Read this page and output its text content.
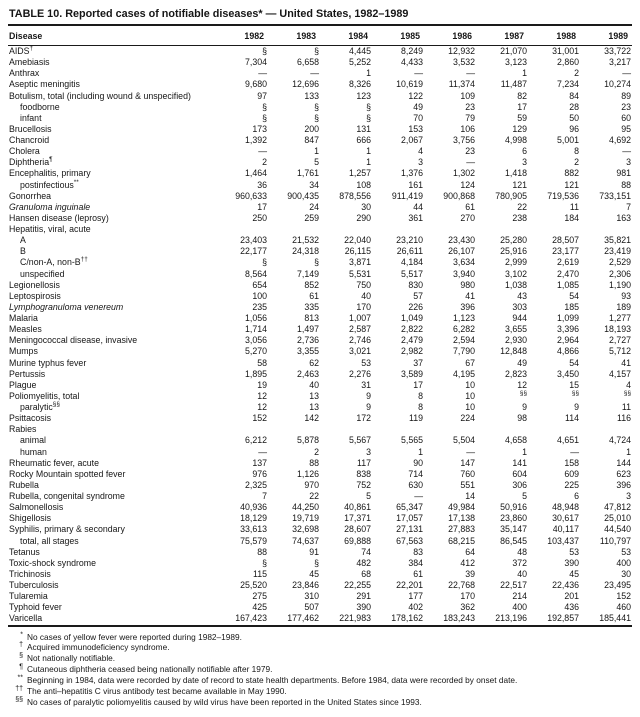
TABLE 10. Reported cases of notifiable diseases* — United States, 1982–1989
Disease	1982	1983	1984	1985	1986	1987	1988	1989
AIDS†	§	§	4,445	8,249	12,932	21,070	31,001	33,722
Amebiasis	7,304	6,658	5,252	4,433	3,532	3,123	2,860	3,217
Anthrax	—	—	1	—	—	1	2	—
Aseptic meningitis	9,680	12,696	8,326	10,619	11,374	11,487	7,234	10,274
Botulism, total (including wound & unspecified)	97	133	123	122	109	82	84	89
foodborne	§	§	§	49	23	17	28	23
infant	§	§	§	70	79	59	50	60
Brucellosis	173	200	131	153	106	129	96	95
Chancroid	1,392	847	666	2,067	3,756	4,998	5,001	4,692
Cholera	—	1	1	4	23	6	8	—
Diphtheria¶	2	5	1	3	—	3	2	3
Encephalitis, primary	1,464	1,761	1,257	1,376	1,302	1,418	882	981
postinfectious**	36	34	108	161	124	121	121	88
Gonorrhea	960,633	900,435	878,556	911,419	900,868	780,905	719,536	733,151
Granuloma inguinale	17	24	30	44	61	22	11	7
Hansen disease (leprosy)	250	259	290	361	270	238	184	163
Hepatitis, viral, acute								
A	23,403	21,532	22,040	23,210	23,430	25,280	28,507	35,821
B	22,177	24,318	26,115	26,611	26,107	25,916	23,177	23,419
C/non-A, non-B††	§	§	3,871	4,184	3,634	2,999	2,619	2,529
unspecified	8,564	7,149	5,531	5,517	3,940	3,102	2,470	2,306
Legionellosis	654	852	750	830	980	1,038	1,085	1,190
Leptospirosis	100	61	40	57	41	43	54	93
Lymphogranuloma venereum	235	335	170	226	396	303	185	189
Malaria	1,056	813	1,007	1,049	1,123	944	1,099	1,277
Measles	1,714	1,497	2,587	2,822	6,282	3,655	3,396	18,193
Meningococcal disease, invasive	3,056	2,736	2,746	2,479	2,594	2,930	2,964	2,727
Mumps	5,270	3,355	3,021	2,982	7,790	12,848	4,866	5,712
Murine typhus fever	58	62	53	37	67	49	54	41
Pertussis	1,895	2,463	2,276	3,589	4,195	2,823	3,450	4,157
Plague	19	40	31	17	10	12	15	4
Poliomyelitis, total	12	13	9	8	10	§§	§§	§§
paralytic§§	12	13	9	8	10	9	9	11
Psittacosis	152	142	172	119	224	98	114	116
Rabies								
animal	6,212	5,878	5,567	5,565	5,504	4,658	4,651	4,724
human	—	2	3	1	—	1	—	1
Rheumatic fever, acute	137	88	117	90	147	141	158	144
Rocky Mountain spotted fever	976	1,126	838	714	760	604	609	623
Rubella	2,325	970	752	630	551	306	225	396
Rubella, congenital syndrome	7	22	5	—	14	5	6	3
Salmonellosis	40,936	44,250	40,861	65,347	49,984	50,916	48,948	47,812
Shigellosis	18,129	19,719	17,371	17,057	17,138	23,860	30,617	25,010
Syphilis, primary & secondary	33,613	32,698	28,607	27,131	27,883	35,147	40,117	44,540
total, all stages	75,579	74,637	69,888	67,563	68,215	86,545	103,437	110,797
Tetanus	88	91	74	83	64	48	53	53
Toxic-shock syndrome	§	§	482	384	412	372	390	400
Trichinosis	115	45	68	61	39	40	45	30
Tuberculosis	25,520	23,846	22,255	22,201	22,768	22,517	22,436	23,495
Tularemia	275	310	291	177	170	214	201	152
Typhoid fever	425	507	390	402	362	400	436	460
Varicella	167,423	177,462	221,983	178,162	183,243	213,196	192,857	185,441
* No cases of yellow fever were reported during 1982–1989.
† Acquired immunodeficiency syndrome.
§ Not nationally notifiable.
¶ Cutaneous diphtheria ceased being nationally notifiable after 1979.
** Beginning in 1984, data were recorded by date of record to state health departments. Before 1984, data were recorded by onset date.
†† The anti–hepatitis C virus antibody test became available in May 1990.
§§ No cases of paralytic poliomyelitis caused by wild virus have been reported in the United States since 1993.
